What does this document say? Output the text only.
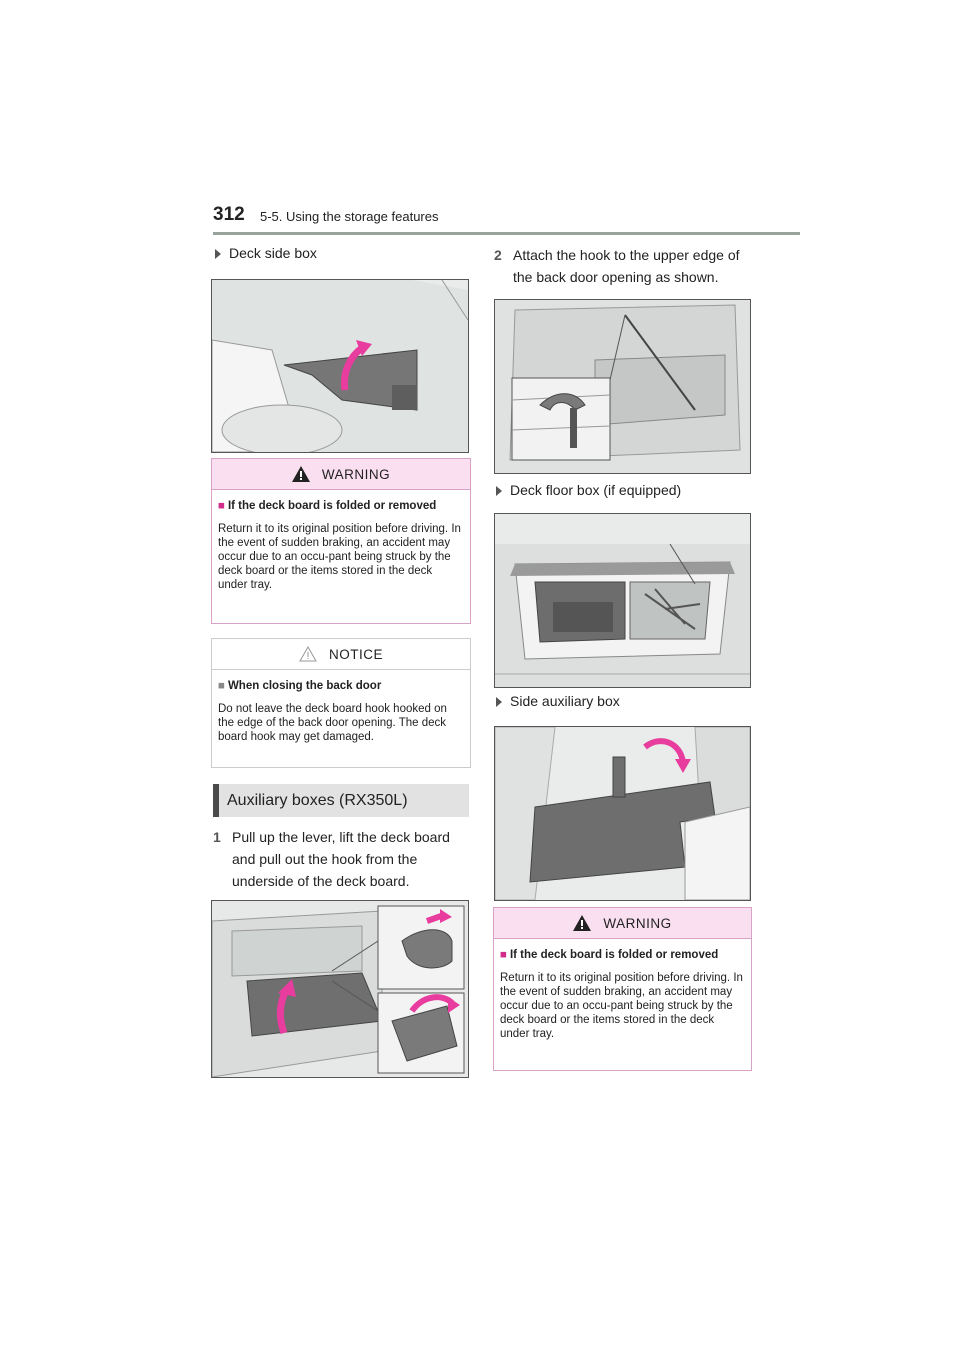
312 5-5. Using the storage features
Deck side box
WARNING
■ If the deck board is folded or removed
Return it to its original position before driving. In the event of sudden braking, an accident may occur due to an occu-pant being struck by the deck board or the items stored in the deck under tray.
NOTICE
■ When closing the back door
Do not leave the deck board hook hooked on the edge of the back door opening. The deck board hook may get damaged.
Auxiliary boxes (RX350L)
1 Pull up the lever, lift the deck board and pull out the hook from the underside of the deck board.
2 Attach the hook to the upper edge of the back door opening as shown.
Deck floor box (if equipped)
Side auxiliary box
WARNING
■ If the deck board is folded or removed
Return it to its original position before driving. In the event of sudden braking, an accident may occur due to an occu-pant being struck by the deck board or the items stored in the deck under tray.
